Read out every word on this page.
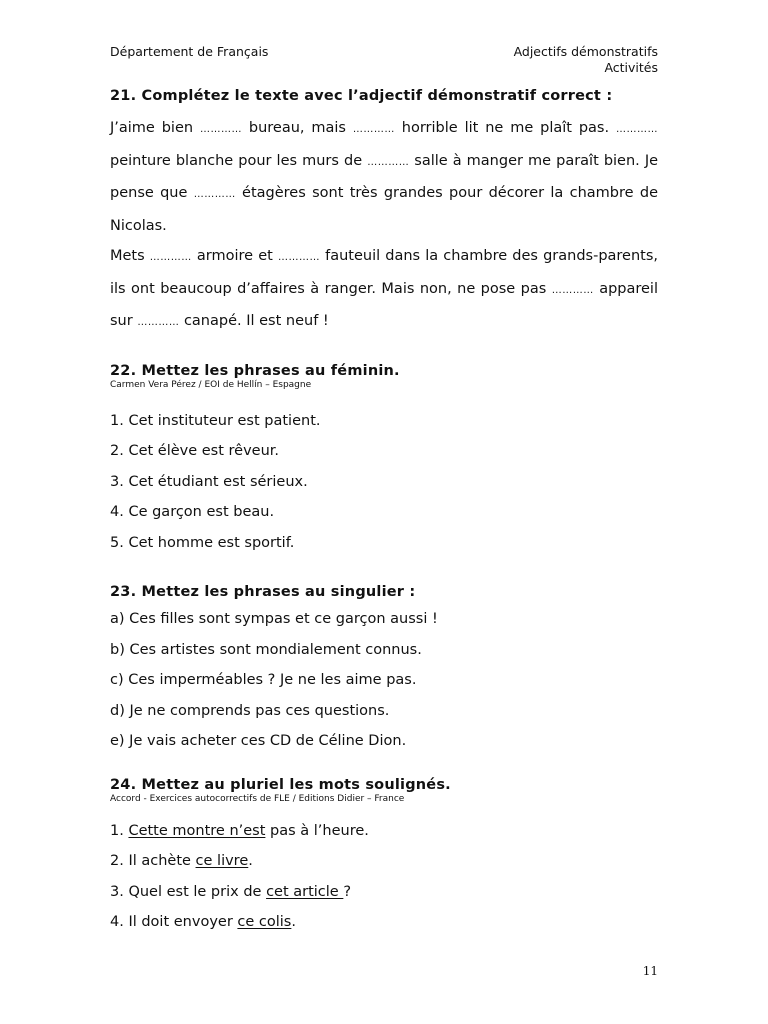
Département de Français	Adjectifs démonstratifs
Activités
21. Complétez le texte avec l’adjectif démonstratif correct :

J’aime bien ………… bureau, mais ………… horrible lit ne me plaît pas. ………… peinture blanche pour les murs de ………… salle à manger me paraît bien. Je pense que ………… étagères sont très grandes pour décorer la chambre de Nicolas.

Mets ………… armoire et ………… fauteuil dans la chambre des grands-parents, ils ont beaucoup d’affaires à ranger. Mais non, ne pose pas ………… appareil sur ………… canapé. Il est neuf !

22. Mettez les phrases au féminin.
Carmen Vera Pérez / EOI de Hellín – Espagne

1. Cet instituteur est patient.

2. Cet élève est rêveur.

3. Cet étudiant est sérieux.

4. Ce garçon est beau.

5. Cet homme est sportif.

23. Mettez les phrases au singulier :

a) Ces filles sont sympas et ce garçon aussi !

b) Ces artistes sont mondialement connus.

c) Ces imperméables ? Je ne les aime pas.

d) Je ne comprends pas ces questions.

e) Je vais acheter ces CD de Céline Dion.

24. Mettez au pluriel les mots soulignés.
Accord - Exercices autocorrectifs de FLE / Editions Didier – France

1. Cette montre n’est pas à l’heure.

2. Il achète ce livre.

3. Quel est le prix de cet article ?

4. Il doit envoyer ce colis.

11
